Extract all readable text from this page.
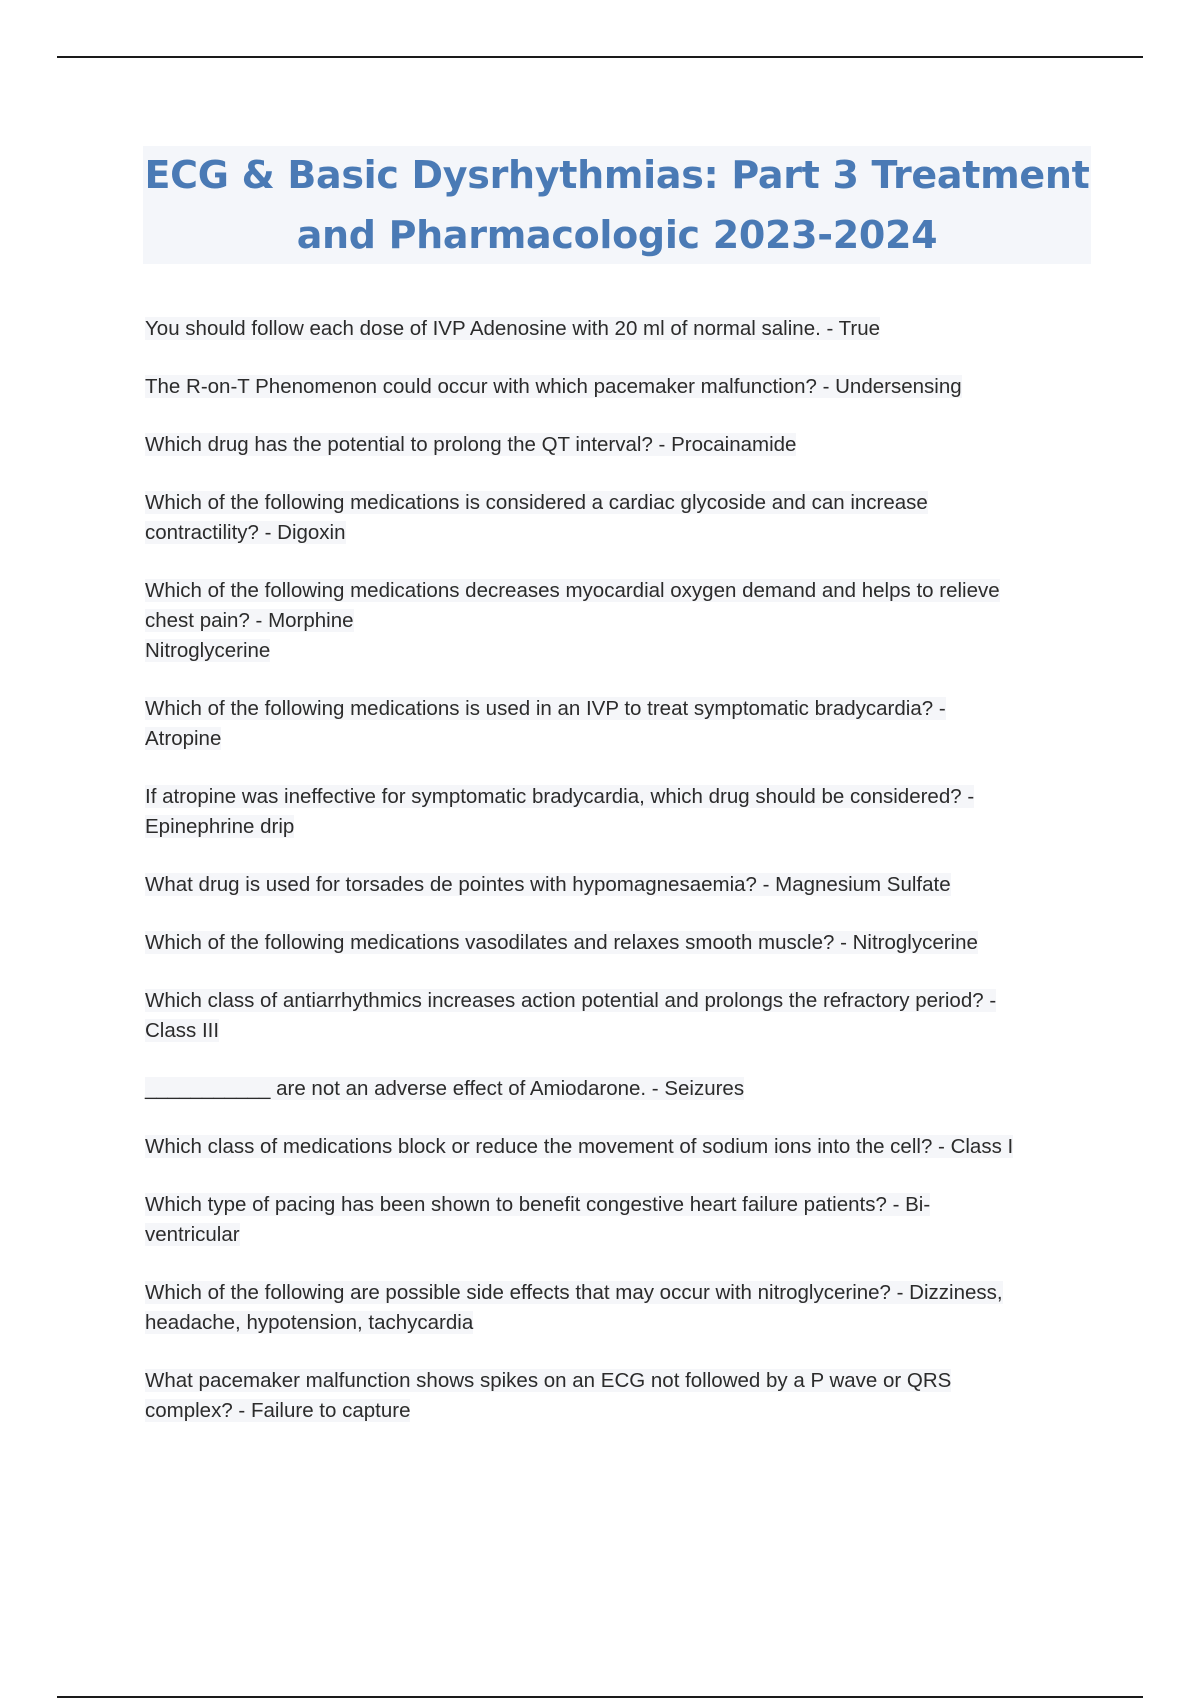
ECG & Basic Dysrhythmias: Part 3 Treatment
and Pharmacologic 2023-2024
You should follow each dose of IVP Adenosine with 20 ml of normal saline. - True
The R-on-T Phenomenon could occur with which pacemaker malfunction? - Undersensing
Which drug has the potential to prolong the QT interval? - Procainamide
Which of the following medications is considered a cardiac glycoside and can increase
contractility? - Digoxin
Which of the following medications decreases myocardial oxygen demand and helps to relieve
chest pain? - Morphine
Nitroglycerine
Which of the following medications is used in an IVP to treat symptomatic bradycardia? -
Atropine
If atropine was ineffective for symptomatic bradycardia, which drug should be considered? -
Epinephrine drip
What drug is used for torsades de pointes with hypomagnesaemia? - Magnesium Sulfate
Which of the following medications vasodilates and relaxes smooth muscle? - Nitroglycerine
Which class of antiarrhythmics increases action potential and prolongs the refractory period? -
Class III
___________ are not an adverse effect of Amiodarone. - Seizures
Which class of medications block or reduce the movement of sodium ions into the cell? - Class I
Which type of pacing has been shown to benefit congestive heart failure patients? - Bi-
ventricular
Which of the following are possible side effects that may occur with nitroglycerine? - Dizziness,
headache, hypotension, tachycardia
What pacemaker malfunction shows spikes on an ECG not followed by a P wave or QRS
complex? - Failure to capture
